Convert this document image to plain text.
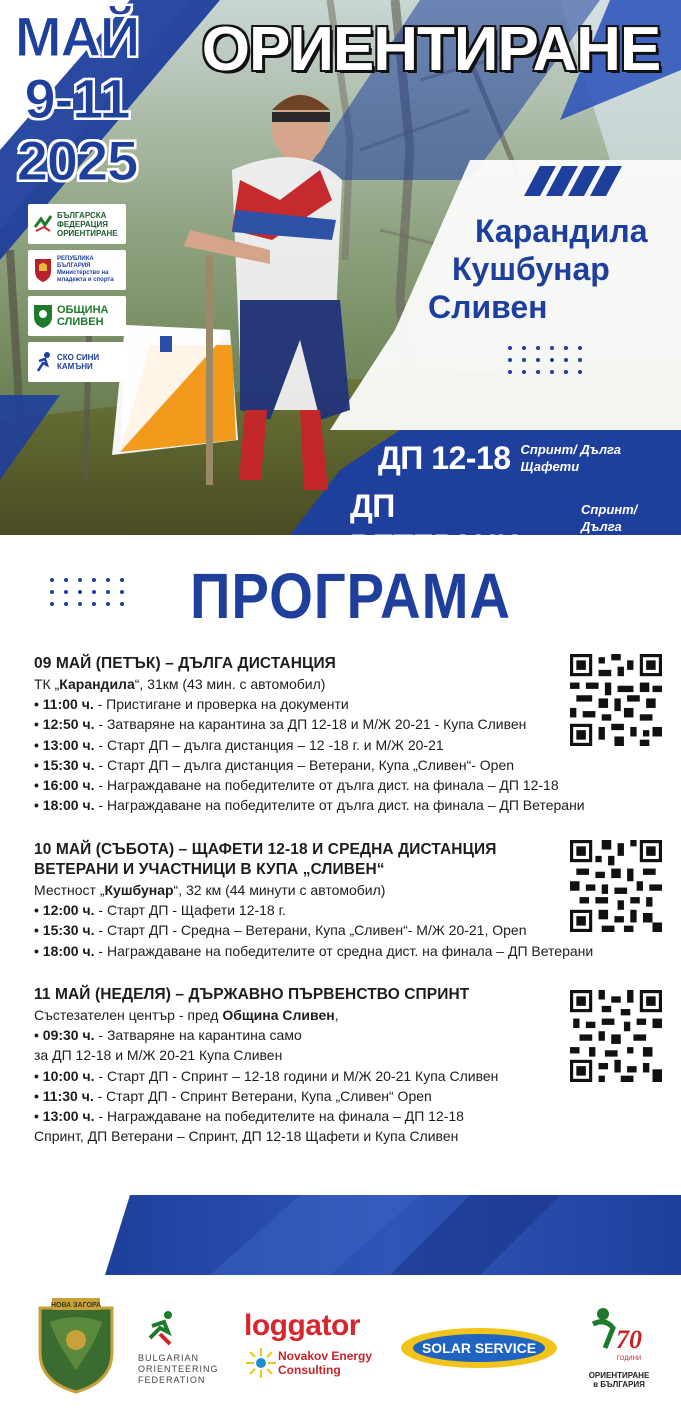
МАЙ
9-11
2025
ОРИЕНТИРАНЕ
БЪЛГАРСКА ФЕДЕРАЦИЯ ОРИЕНТИРАНЕ
РЕПУБЛИКА БЪЛГАРИЯ Министерство на младежта и спорта
ОБЩИНА СЛИВЕН
СКО СИНИ КАМЪНИ
Карандила
Кушбунар
Сливен
ДП 12-18 Спринт/ Дълга
Щафети
ДП ВЕТЕРАНИ
Спринт/ Дълга
Средна
ПРОГРАМА
09 МАЙ (ПЕТЪК) – ДЪЛГА ДИСТАНЦИЯ
ТК „Карандила“, 31км (43 мин. с автомобил)
• 11:00 ч. - Пристигане и проверка на документи
• 12:50 ч. - Затваряне на карантина за ДП 12-18 и М/Ж 20-21 - Купа Сливен
• 13:00 ч. - Старт ДП – дълга дистанция – 12 -18 г. и М/Ж 20-21
• 15:30 ч. - Старт ДП – дълга дистанция – Ветерани, Купа „Сливен“- Open
• 16:00 ч. - Награждаване на победителите от дълга дист. на финала – ДП 12-18
• 18:00 ч. - Награждаване на победителите от дълга дист. на финала – ДП Ветерани
10 МАЙ (СЪБОТА) – ЩАФЕТИ 12-18 И СРЕДНА ДИСТАНЦИЯ
ВЕТЕРАНИ И УЧАСТНИЦИ В КУПА „СЛИВЕН“
Местност „Кушбунар“, 32 км (44 минути с автомобил)
• 12:00 ч. - Старт ДП - Щафети 12-18 г.
• 15:30 ч. - Старт ДП - Средна – Ветерани, Купа „Сливен“- М/Ж 20-21, Open
• 18:00 ч. - Награждаване на победителите от средна дист. на финала – ДП Ветерани
11 МАЙ (НЕДЕЛЯ) – ДЪРЖАВНО ПЪРВЕНСТВО СПРИНТ
Състезателен център - пред Община Сливен,
• 09:30 ч. - Затваряне на карантина само
за ДП 12-18 и М/Ж 20-21 Купа Сливен
• 10:00 ч. - Старт ДП - Спринт – 12-18 години и М/Ж 20-21 Купа Сливен
• 11:30 ч. - Старт ДП - Спринт Ветерани, Купа „Сливен“ Open
• 13:00 ч. - Награждаване на победителите на финала – ДП 12-18
Спринт, ДП Ветерани – Спринт, ДП 12-18 Щафети и Купа Сливен
НОВА ЗАГОРА
BULGARIAN
ORIENTEERING
FEDERATION
loggator
Novakov Energy
Consulting
SOLAR SERVICE	70
ГОДИНИ
ОРИЕНТИРАНЕ
в БЪЛГАРИЯ
